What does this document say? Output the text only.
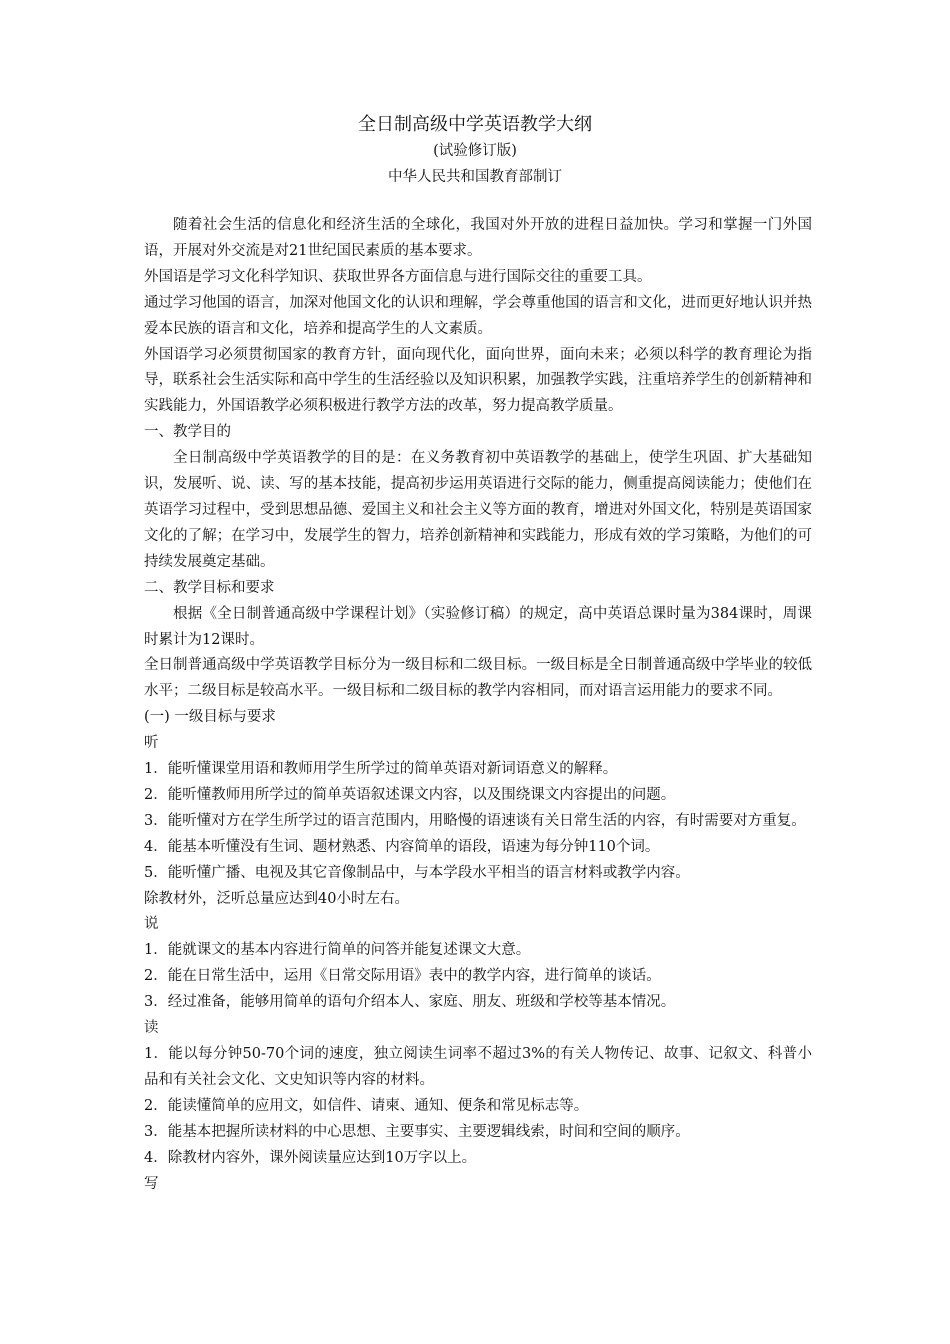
全日制高级中学英语教学大纲

(试验修订版)

中华人民共和国教育部制订

随着社会生活的信息化和经济生活的全球化，我国对外开放的进程日益加快。学习和掌握一门外国语，开展对外交流是对21世纪国民素质的基本要求。

外国语是学习文化科学知识、获取世界各方面信息与进行国际交往的重要工具。

通过学习他国的语言，加深对他国文化的认识和理解，学会尊重他国的语言和文化，进而更好地认识并热爱本民族的语言和文化，培养和提高学生的人文素质。

外国语学习必须贯彻国家的教育方针，面向现代化，面向世界，面向未来；必须以科学的教育理论为指导，联系社会生活实际和高中学生的生活经验以及知识积累，加强教学实践，注重培养学生的创新精神和实践能力，外国语教学必须积极进行教学方法的改革，努力提高教学质量。

一、教学目的

全日制高级中学英语教学的目的是：在义务教育初中英语教学的基础上，使学生巩固、扩大基础知识，发展听、说、读、写的基本技能，提高初步运用英语进行交际的能力，侧重提高阅读能力；使他们在英语学习过程中，受到思想品德、爱国主义和社会主义等方面的教育，增进对外国文化，特别是英语国家文化的了解；在学习中，发展学生的智力，培养创新精神和实践能力，形成有效的学习策略，为他们的可持续发展奠定基础。

二、教学目标和要求

根据《全日制普通高级中学课程计划》（实验修订稿）的规定，高中英语总课时量为384课时，周课时累计为12课时。

全日制普通高级中学英语教学目标分为一级目标和二级目标。一级目标是全日制普通高级中学毕业的较低水平；二级目标是较高水平。一级目标和二级目标的教学内容相同，而对语言运用能力的要求不同。

(一) 一级目标与要求

听

1．能听懂课堂用语和教师用学生所学过的简单英语对新词语意义的解释。

2．能听懂教师用所学过的简单英语叙述课文内容，以及围绕课文内容提出的问题。

3．能听懂对方在学生所学过的语言范围内，用略慢的语速谈有关日常生活的内容，有时需要对方重复。

4．能基本听懂没有生词、题材熟悉、内容简单的语段，语速为每分钟110个词。

5．能听懂广播、电视及其它音像制品中，与本学段水平相当的语言材料或教学内容。

除教材外，泛听总量应达到40小时左右。

说

1．能就课文的基本内容进行简单的问答并能复述课文大意。

2．能在日常生活中，运用《日常交际用语》表中的教学内容，进行简单的谈话。

3．经过准备，能够用简单的语句介绍本人、家庭、朋友、班级和学校等基本情况。

读

1．能以每分钟50-70个词的速度，独立阅读生词率不超过3%的有关人物传记、故事、记叙文、科普小品和有关社会文化、文史知识等内容的材料。

2．能读懂简单的应用文，如信件、请柬、通知、便条和常见标志等。

3．能基本把握所读材料的中心思想、主要事实、主要逻辑线索，时间和空间的顺序。

4．除教材内容外，课外阅读量应达到10万字以上。

写
